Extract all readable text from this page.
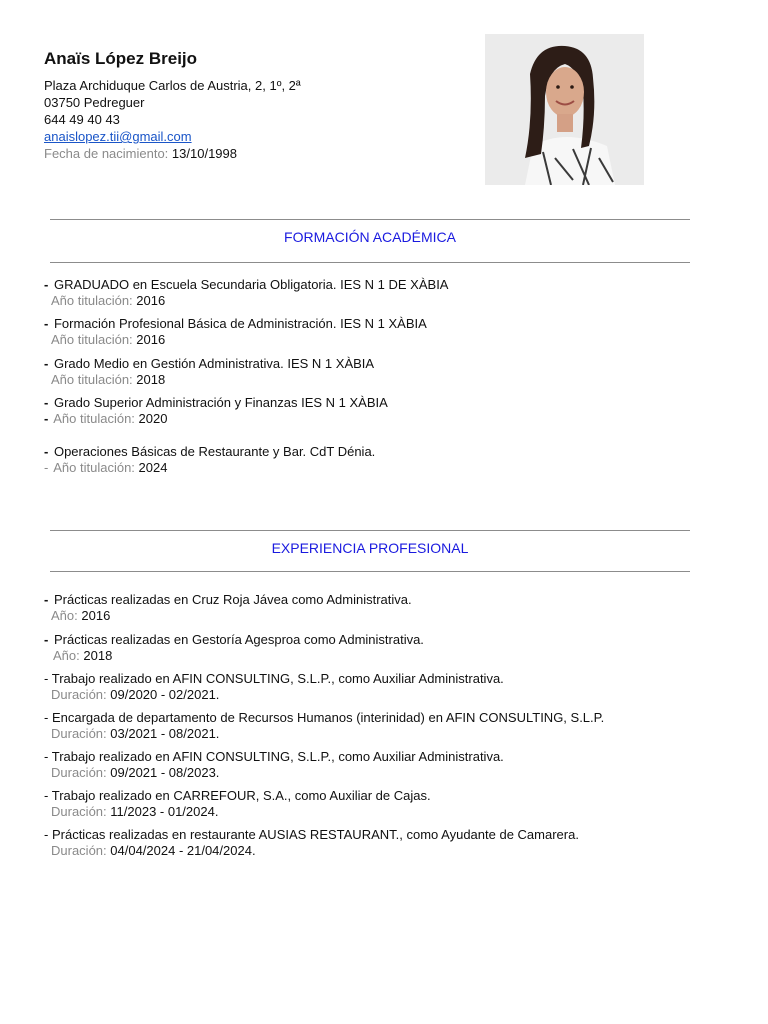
Anaïs López Breijo
Plaza Archiduque Carlos de Austria, 2, 1º, 2ª
03750 Pedreguer
644 49 40 43
anaislopez.tii@gmail.com
Fecha de nacimiento: 13/10/1998
FORMACIÓN ACADÉMICA
- GRADUADO en Escuela Secundaria Obligatoria. IES N 1 DE XÀBIA
Año titulación: 2016
- Formación Profesional Básica de Administración. IES N 1 XÀBIA
Año titulación: 2016
- Grado Medio en Gestión Administrativa. IES N 1 XÀBIA
Año titulación: 2018
- Grado Superior Administración y Finanzas IES N 1 XÀBIA
- Año titulación: 2020
- Operaciones Básicas de Restaurante y Bar. CdT Dénia.
- Año titulación: 2024
EXPERIENCIA PROFESIONAL
- Prácticas realizadas en Cruz Roja Jávea como Administrativa.
Año: 2016
- Prácticas realizadas en Gestoría Agesproa como Administrativa.
Año: 2018
- Trabajo realizado en AFIN CONSULTING, S.L.P., como Auxiliar Administrativa.
Duración: 09/2020 - 02/2021.
- Encargada de departamento de Recursos Humanos (interinidad) en AFIN CONSULTING, S.L.P.
Duración: 03/2021 - 08/2021.
- Trabajo realizado en AFIN CONSULTING, S.L.P., como Auxiliar Administrativa.
Duración: 09/2021 - 08/2023.
- Trabajo realizado en CARREFOUR, S.A., como Auxiliar de Cajas.
Duración: 11/2023 - 01/2024.
- Prácticas realizadas en restaurante AUSIAS RESTAURANT., como Ayudante de Camarera.
Duración: 04/04/2024 - 21/04/2024.
